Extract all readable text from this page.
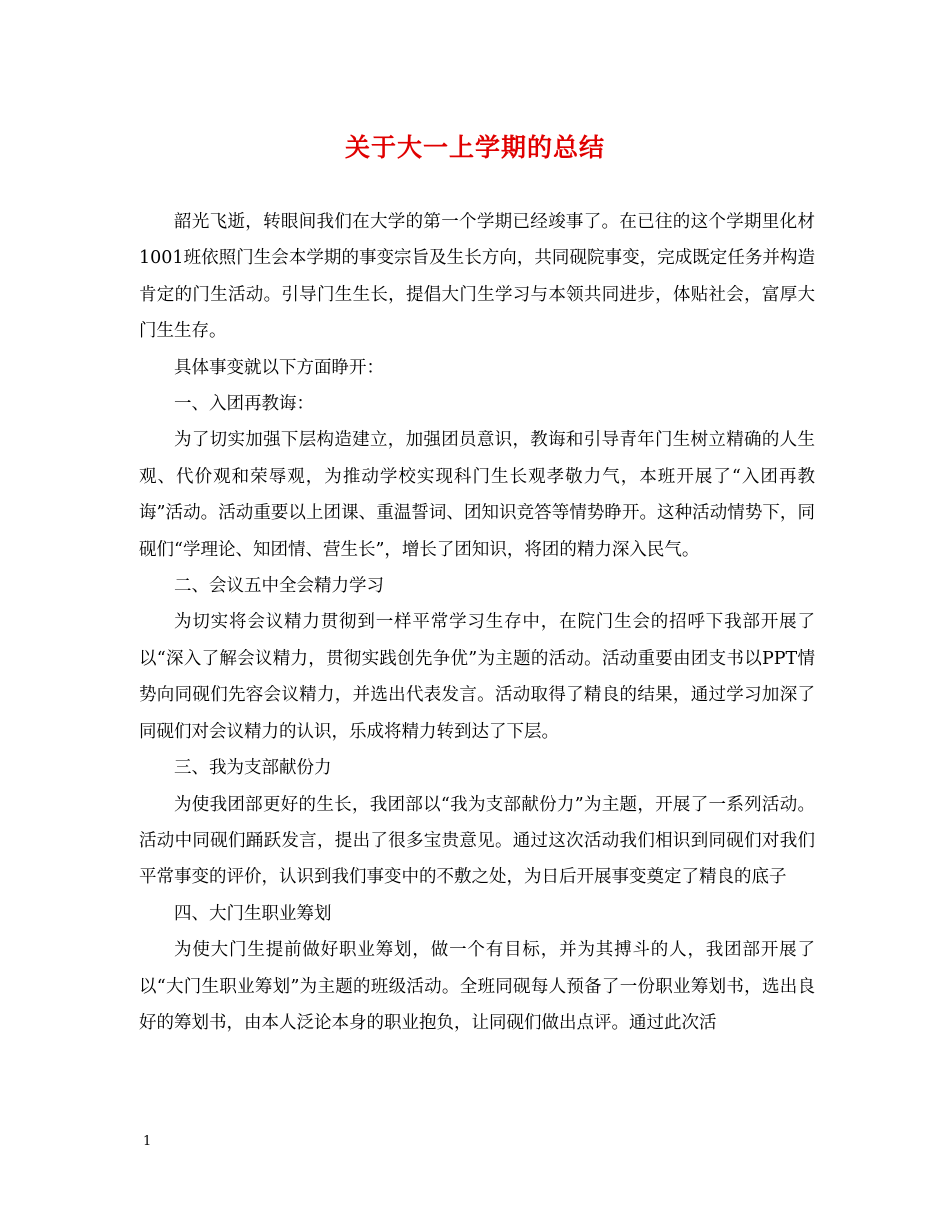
关于大一上学期的总结

韶光飞逝，转眼间我们在大学的第一个学期已经竣事了。在已往的这个学期里化材1001班依照门生会本学期的事变宗旨及生长方向，共同砚院事变，完成既定任务并构造肯定的门生活动。引导门生生长，提倡大门生学习与本领共同进步，体贴社会，富厚大门生生存。

具体事变就以下方面睁开：

一、入团再教诲：

为了切实加强下层构造建立，加强团员意识，教诲和引导青年门生树立精确的人生观、代价观和荣辱观，为推动学校实现科门生长观孝敬力气，本班开展了“入团再教诲”活动。活动重要以上团课、重温誓词、团知识竞答等情势睁开。这种活动情势下，同砚们“学理论、知团情、营生长”，增长了团知识，将团的精力深入民气。

二、会议五中全会精力学习

为切实将会议精力贯彻到一样平常学习生存中，在院门生会的招呼下我部开展了以“深入了解会议精力，贯彻实践创先争优”为主题的活动。活动重要由团支书以PPT情势向同砚们先容会议精力，并选出代表发言。活动取得了精良的结果，通过学习加深了同砚们对会议精力的认识，乐成将精力转到达了下层。

三、我为支部献份力

为使我团部更好的生长，我团部以“我为支部献份力”为主题，开展了一系列活动。活动中同砚们踊跃发言，提出了很多宝贵意见。通过这次活动我们相识到同砚们对我们平常事变的评价，认识到我们事变中的不敷之处，为日后开展事变奠定了精良的底子

四、大门生职业筹划

为使大门生提前做好职业筹划，做一个有目标，并为其搏斗的人，我团部开展了以“大门生职业筹划”为主题的班级活动。全班同砚每人预备了一份职业筹划书，选出良好的筹划书，由本人泛论本身的职业抱负，让同砚们做出点评。通过此次活

1
